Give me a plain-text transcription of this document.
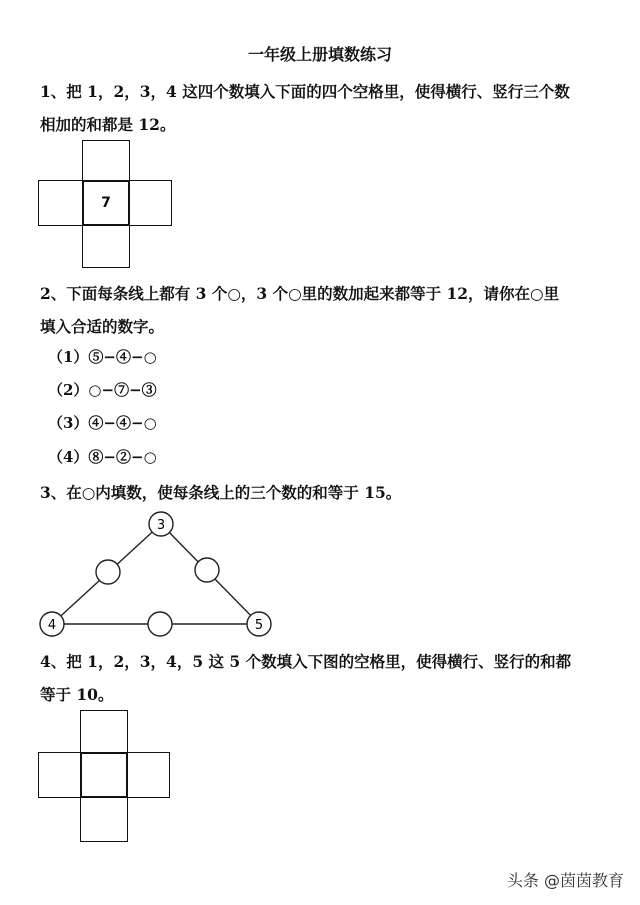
一年级上册填数练习
1、把 1，2，3，4 这四个数填入下面的四个空格里，使得横行、竖行三个数
相加的和都是 12。
7
2、下面每条线上都有 3 个○，3 个○里的数加起来都等于 12，请你在○里
填入合适的数字。
（1）⑤−④−○
（2）○−⑦−③
（3）④−④−○
（4）⑧−②−○
3、在○内填数，使每条线上的三个数的和等于 15。
3
4	5
4、把 1，2，3，4，5 这 5 个数填入下图的空格里，使得横行、竖行的和都
等于 10。
头条 @茵茵教育
